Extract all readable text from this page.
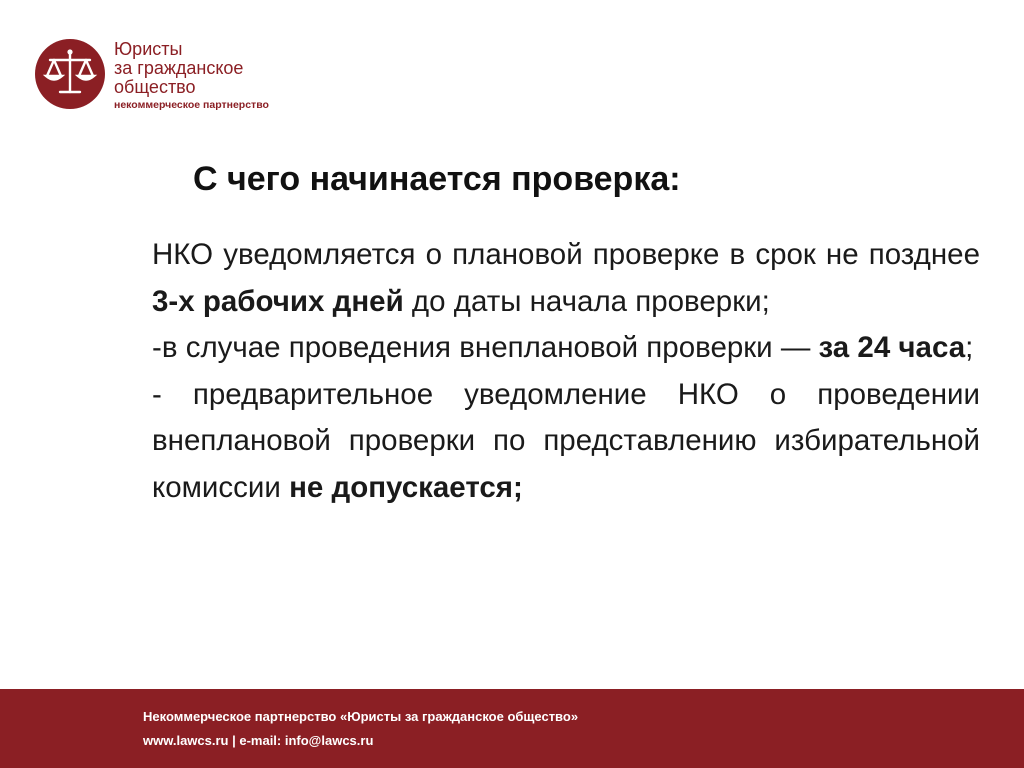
Юристы
за гражданское
общество
некоммерческое партнерство
С чего начинается проверка:

НКО уведомляется о плановой проверке в срок не позднее 3-х рабочих дней до даты начала проверки;

-в случае проведения внеплановой проверки — за 24 часа;

- предварительное уведомление НКО о проведении внеплановой проверки по представлению избирательной комиссии не допускается;

Некоммерческое партнерство «Юристы за гражданское общество»
www.lawcs.ru | e-mail: info@lawcs.ru
